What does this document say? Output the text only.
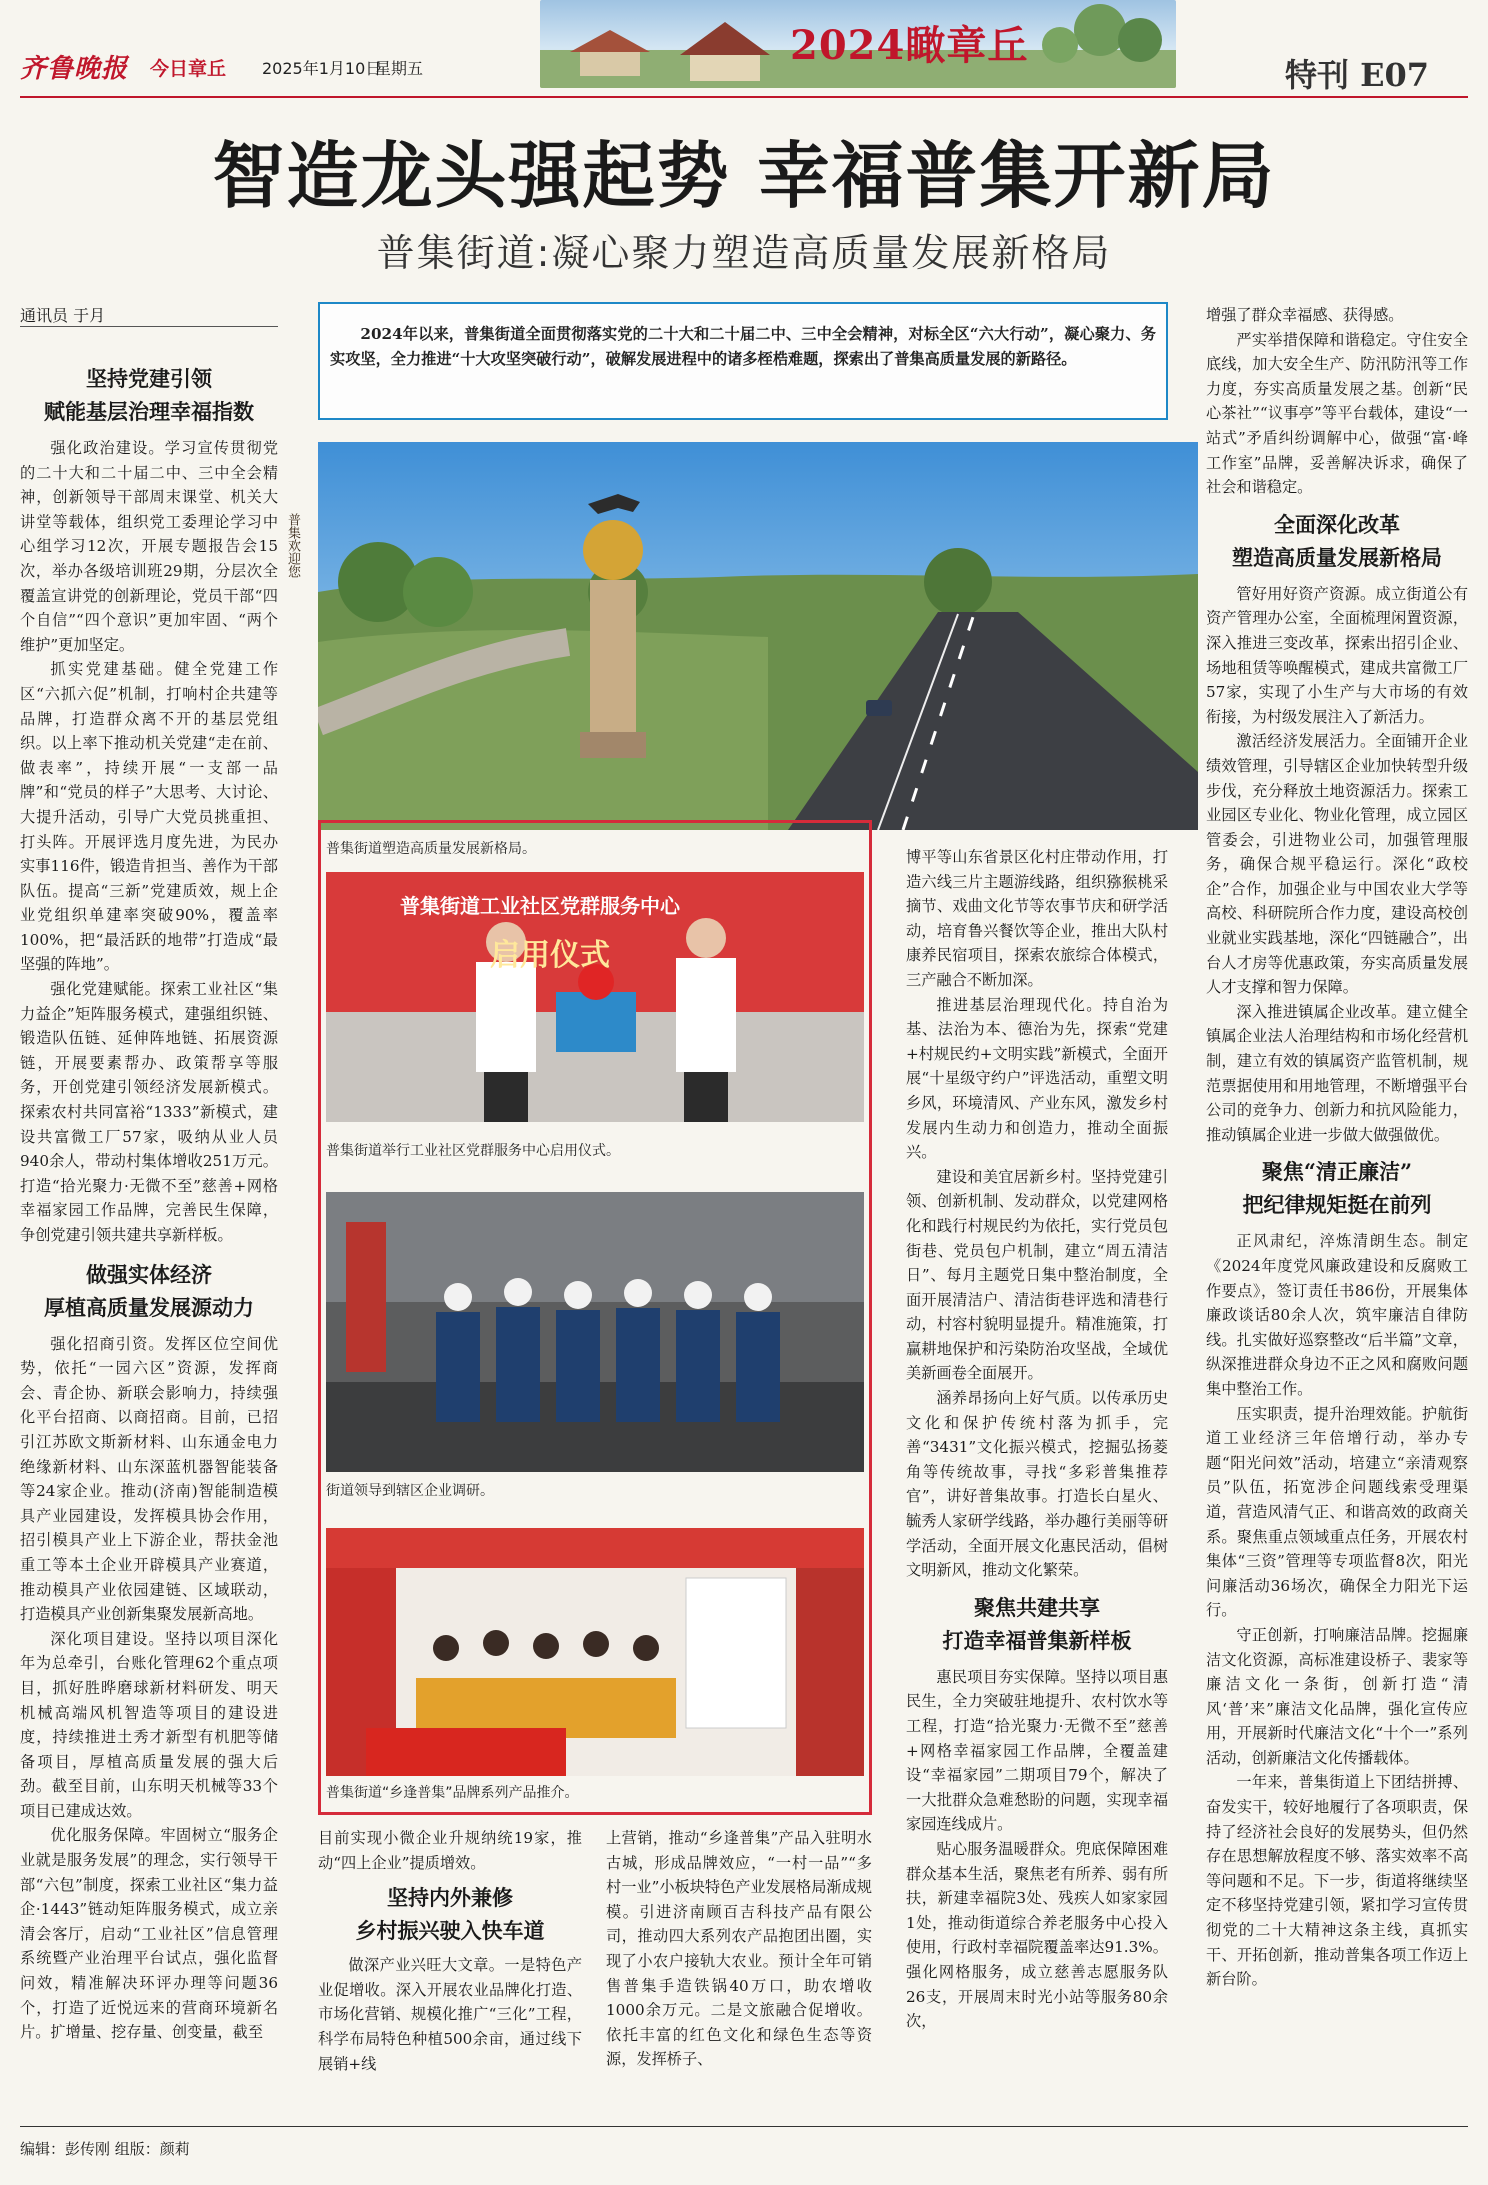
齐鲁晚报 今日章丘 2025年1月10日
星期五	2024瞰章丘
特刊 E07
智造龙头强起势 幸福普集开新局
普集街道:凝心聚力塑造高质量发展新格局
通讯员 于月
2024年以来，普集街道全面贯彻落实党的二十大和二十届二中、三中全会精神，对标全区“六大行动”，凝心聚力、务实攻坚，全力推进“十大攻坚突破行动”，破解发展进程中的诸多桎梏难题，探索出了普集高质量发展的新路径。
坚持党建引领
赋能基层治理幸福指数

强化政治建设。学习宣传贯彻党的二十大和二十届二中、三中全会精神，创新领导干部周末课堂、机关大讲堂等载体，组织党工委理论学习中心组学习12次，开展专题报告会15次，举办各级培训班29期，分层次全覆盖宣讲党的创新理论，党员干部“四个自信”“四个意识”更加牢固、“两个维护”更加坚定。

抓实党建基础。健全党建工作区“六抓六促”机制，打响村企共建等品牌，打造群众离不开的基层党组织。以上率下推动机关党建“走在前、做表率”，持续开展“一支部一品牌”和“党员的样子”大思考、大讨论、大提升活动，引导广大党员挑重担、打头阵。开展评选月度先进，为民办实事116件，锻造肯担当、善作为干部队伍。提高“三新”党建质效，规上企业党组织单建率突破90%，覆盖率100%，把“最活跃的地带”打造成“最坚强的阵地”。

强化党建赋能。探索工业社区“集力益企”矩阵服务模式，建强组织链、锻造队伍链、延伸阵地链、拓展资源链，开展要素帮办、政策帮享等服务，开创党建引领经济发展新模式。探索农村共同富裕“1333”新模式，建设共富微工厂57家，吸纳从业人员940余人，带动村集体增收251万元。打造“拾光聚力·无微不至”慈善+网格幸福家园工作品牌，完善民生保障，争创党建引领共建共享新样板。

做强实体经济
厚植高质量发展源动力

强化招商引资。发挥区位空间优势，依托“一园六区”资源，发挥商会、青企协、新联会影响力，持续强化平台招商、以商招商。目前，已招引江苏欧文斯新材料、山东通金电力绝缘新材料、山东深蓝机器智能装备等24家企业。推动(济南)智能制造模具产业园建设，发挥模具协会作用，招引模具产业上下游企业，帮扶金池重工等本土企业开辟模具产业赛道，推动模具产业依园建链、区域联动，打造模具产业创新集聚发展新高地。

深化项目建设。坚持以项目深化年为总牵引，台账化管理62个重点项目，抓好胜晔磨球新材料研发、明天机械高端风机智造等项目的建设进度，持续推进土秀才新型有机肥等储备项目，厚植高质量发展的强大后劲。截至目前，山东明天机械等33个项目已建成达效。

优化服务保障。牢固树立“服务企业就是服务发展”的理念，实行领导干部“六包”制度，探索工业社区“集力益企·1443”链动矩阵服务模式，成立亲清会客厅，启动“工业社区”信息管理系统暨产业治理平台试点，强化监督问效，精准解决环评办理等问题36个，打造了近悦远来的营商环境新名片。扩增量、挖存量、创变量，截至

普集欢迎您
普集街道塑造高质量发展新格局。
普集街道工业社区党群服务中心
启用仪式
普集街道举行工业社区党群服务中心启用仪式。
街道领导到辖区企业调研。
普集街道“乡逢普集”品牌系列产品推介。

目前实现小微企业升规纳统19家，推动“四上企业”提质增效。

坚持内外兼修
乡村振兴驶入快车道

做深产业兴旺大文章。一是特色产业促增收。深入开展农业品牌化打造、市场化营销、规模化推广“三化”工程，科学布局特色种植500余亩，通过线下展销+线

上营销，推动“乡逢普集”产品入驻明水古城，形成品牌效应，“一村一品”“多村一业”小板块特色产业发展格局渐成规模。引进济南顾百吉科技产品有限公司，推动四大系列农产品抱团出圈，实现了小农户接轨大农业。预计全年可销售普集手造铁锅40万口，助农增收1000余万元。二是文旅融合促增收。依托丰富的红色文化和绿色生态等资源，发挥桥子、

博平等山东省景区化村庄带动作用，打造六线三片主题游线路，组织猕猴桃采摘节、戏曲文化节等农事节庆和研学活动，培育鲁兴餐饮等企业，推出大队村康养民宿项目，探索农旅综合体模式，三产融合不断加深。

推进基层治理现代化。持自治为基、法治为本、德治为先，探索“党建+村规民约+文明实践”新模式，全面开展“十星级守约户”评选活动，重塑文明乡风，环境清风、产业东风，激发乡村发展内生动力和创造力，推动全面振兴。

建设和美宜居新乡村。坚持党建引领、创新机制、发动群众，以党建网格化和践行村规民约为依托，实行党员包街巷、党员包户机制，建立“周五清洁日”、每月主题党日集中整治制度，全面开展清洁户、清洁街巷评选和清巷行动，村容村貌明显提升。精准施策，打赢耕地保护和污染防治攻坚战，全域优美新画卷全面展开。

涵养昂扬向上好气质。以传承历史文化和保护传统村落为抓手，完善“3431”文化振兴模式，挖掘弘扬菱角等传统故事，寻找“多彩普集推荐官”，讲好普集故事。打造长白星火、毓秀人家研学线路，举办趣行美丽等研学活动，全面开展文化惠民活动，倡树文明新风，推动文化繁荣。

聚焦共建共享
打造幸福普集新样板

惠民项目夯实保障。坚持以项目惠民生，全力突破驻地提升、农村饮水等工程，打造“拾光聚力·无微不至”慈善+网格幸福家园工作品牌，全覆盖建设“幸福家园”二期项目79个，解决了一大批群众急难愁盼的问题，实现幸福家园连线成片。

贴心服务温暖群众。兜底保障困难群众基本生活，聚焦老有所养、弱有所扶，新建幸福院3处、残疾人如家家园1处，推动街道综合养老服务中心投入使用，行政村幸福院覆盖率达91.3%。强化网格服务，成立慈善志愿服务队26支，开展周末时光小站等服务80余次，

增强了群众幸福感、获得感。

严实举措保障和谐稳定。守住安全底线，加大安全生产、防汛防汛等工作力度，夯实高质量发展之基。创新“民心茶社”“议事亭”等平台载体，建设“一站式”矛盾纠纷调解中心，做强“富·峰工作室”品牌，妥善解决诉求，确保了社会和谐稳定。

全面深化改革
塑造高质量发展新格局

管好用好资产资源。成立街道公有资产管理办公室，全面梳理闲置资源，深入推进三变改革，探索出招引企业、场地租赁等唤醒模式，建成共富微工厂57家，实现了小生产与大市场的有效衔接，为村级发展注入了新活力。

激活经济发展活力。全面铺开企业绩效管理，引导辖区企业加快转型升级步伐，充分释放土地资源活力。探索工业园区专业化、物业化管理，成立园区管委会，引进物业公司，加强管理服务，确保合规平稳运行。深化“政校企”合作，加强企业与中国农业大学等高校、科研院所合作力度，建设高校创业就业实践基地，深化“四链融合”，出台人才房等优惠政策，夯实高质量发展人才支撑和智力保障。

深入推进镇属企业改革。建立健全镇属企业法人治理结构和市场化经营机制，建立有效的镇属资产监管机制，规范票据使用和用地管理，不断增强平台公司的竞争力、创新力和抗风险能力，推动镇属企业进一步做大做强做优。

聚焦“清正廉洁”
把纪律规矩挺在前列

正风肃纪，淬炼清朗生态。制定《2024年度党风廉政建设和反腐败工作要点》，签订责任书86份，开展集体廉政谈话80余人次，筑牢廉洁自律防线。扎实做好巡察整改“后半篇”文章，纵深推进群众身边不正之风和腐败问题集中整治工作。

压实职责，提升治理效能。护航街道工业经济三年倍增行动，举办专题“阳光问效”活动，培建立“亲清观察员”队伍，拓宽涉企问题线索受理渠道，营造风清气正、和谐高效的政商关系。聚焦重点领域重点任务，开展农村集体“三资”管理等专项监督8次，阳光问廉活动36场次，确保全力阳光下运行。

守正创新，打响廉洁品牌。挖掘廉洁文化资源，高标准建设桥子、裴家等廉洁文化一条街，创新打造“清风‘普’来”廉洁文化品牌，强化宣传应用，开展新时代廉洁文化“十个一”系列活动，创新廉洁文化传播载体。

一年来，普集街道上下团结拼搏、奋发实干，较好地履行了各项职责，保持了经济社会良好的发展势头，但仍然存在思想解放程度不够、落实效率不高等问题和不足。下一步，街道将继续坚定不移坚持党建引领，紧扣学习宣传贯彻党的二十大精神这条主线，真抓实干、开拓创新，推动普集各项工作迈上新台阶。

编辑：彭传刚 组版：颜莉
